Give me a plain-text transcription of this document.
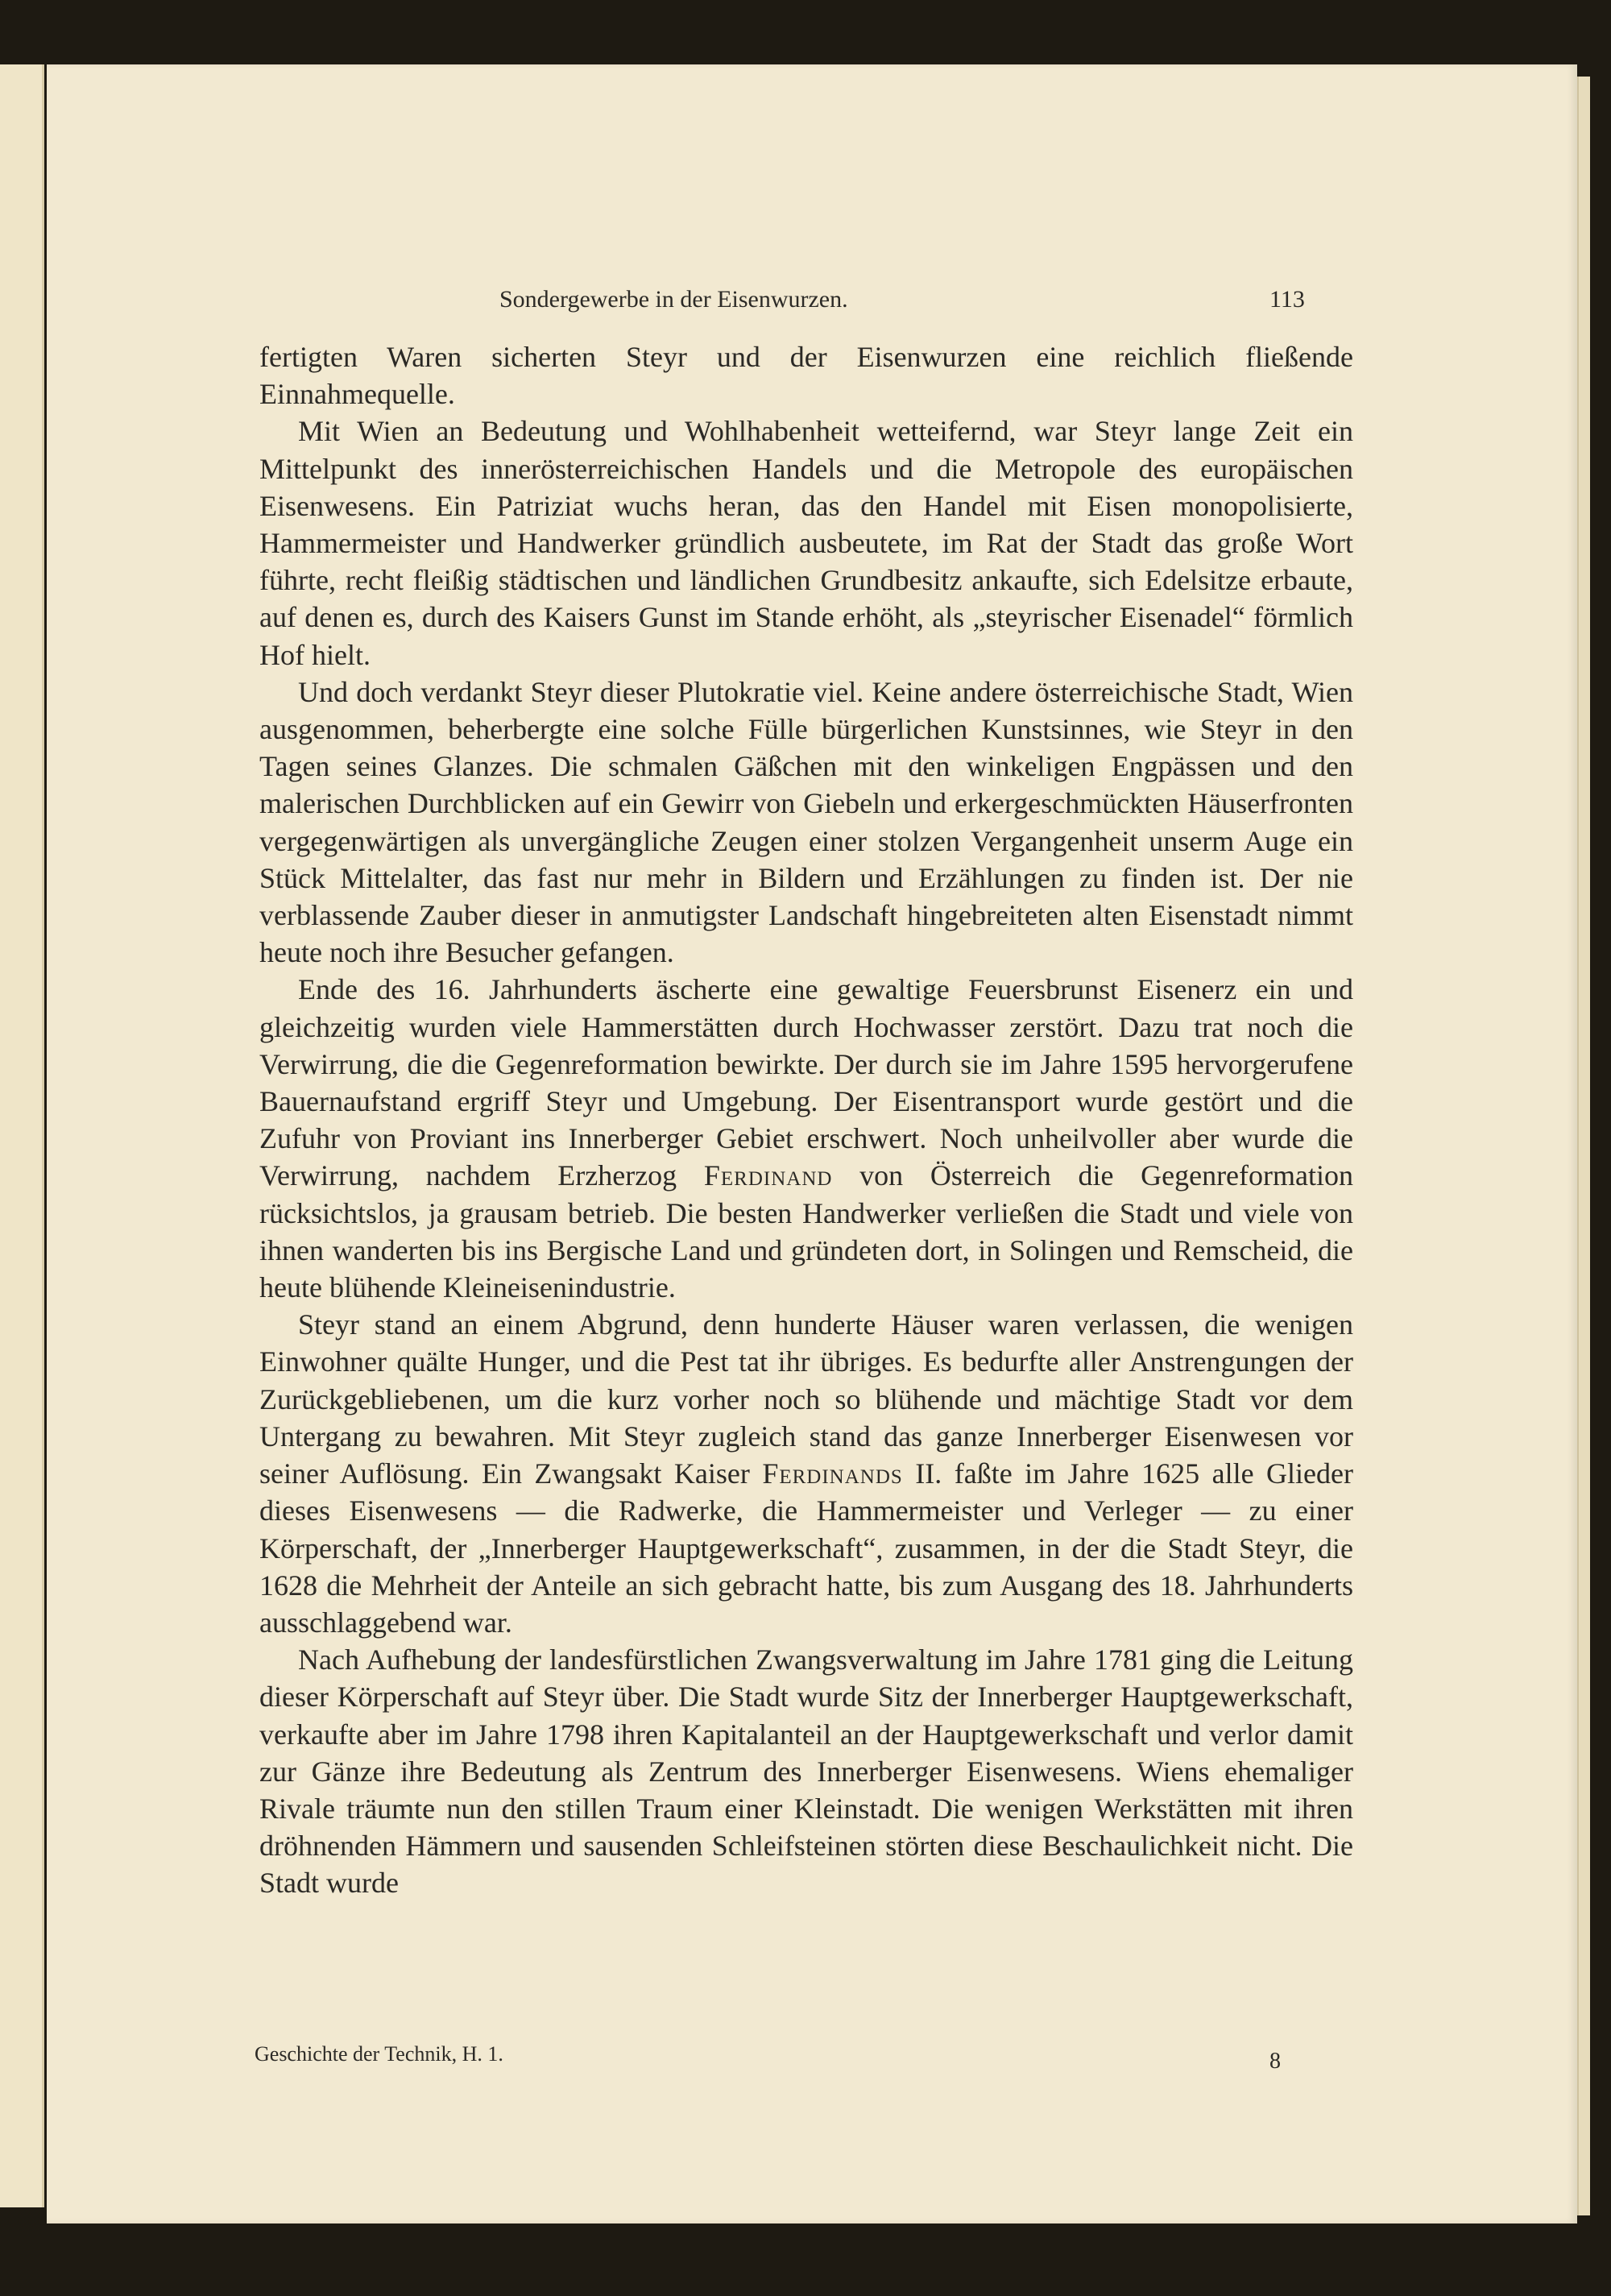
Sondergewerbe in der Eisenwurzen.	113

fertigten Waren sicherten Steyr und der Eisenwurzen eine reichlich fließende Einnahmequelle.

Mit Wien an Bedeutung und Wohlhabenheit wetteifernd, war Steyr lange Zeit ein Mittelpunkt des innerösterreichischen Handels und die Metropole des europäischen Eisenwesens. Ein Patriziat wuchs heran, das den Handel mit Eisen monopolisierte, Hammermeister und Handwerker gründlich ausbeutete, im Rat der Stadt das große Wort führte, recht fleißig städtischen und ländlichen Grundbesitz ankaufte, sich Edelsitze erbaute, auf denen es, durch des Kaisers Gunst im Stande erhöht, als „steyrischer Eisenadel“ förmlich Hof hielt.

Und doch verdankt Steyr dieser Plutokratie viel. Keine andere österreichische Stadt, Wien ausgenommen, beherbergte eine solche Fülle bürgerlichen Kunstsinnes, wie Steyr in den Tagen seines Glanzes. Die schmalen Gäßchen mit den winkeligen Engpässen und den malerischen Durchblicken auf ein Gewirr von Giebeln und erkergeschmückten Häuserfronten vergegenwärtigen als unvergängliche Zeugen einer stolzen Vergangenheit unserm Auge ein Stück Mittelalter, das fast nur mehr in Bildern und Erzählungen zu finden ist. Der nie verblassende Zauber dieser in anmutigster Landschaft hingebreiteten alten Eisenstadt nimmt heute noch ihre Besucher gefangen.

Ende des 16. Jahrhunderts äscherte eine gewaltige Feuersbrunst Eisenerz ein und gleichzeitig wurden viele Hammerstätten durch Hochwasser zerstört. Dazu trat noch die Verwirrung, die die Gegenreformation bewirkte. Der durch sie im Jahre 1595 hervorgerufene Bauernaufstand ergriff Steyr und Umgebung. Der Eisentransport wurde gestört und die Zufuhr von Proviant ins Innerberger Gebiet erschwert. Noch unheilvoller aber wurde die Verwirrung, nachdem Erzherzog Ferdinand von Österreich die Gegenreformation rücksichtslos, ja grausam betrieb. Die besten Handwerker verließen die Stadt und viele von ihnen wanderten bis ins Bergische Land und gründeten dort, in Solingen und Remscheid, die heute blühende Kleineisenindustrie.

Steyr stand an einem Abgrund, denn hunderte Häuser waren verlassen, die wenigen Einwohner quälte Hunger, und die Pest tat ihr übriges. Es bedurfte aller Anstrengungen der Zurückgebliebenen, um die kurz vorher noch so blühende und mächtige Stadt vor dem Untergang zu bewahren. Mit Steyr zugleich stand das ganze Innerberger Eisenwesen vor seiner Auflösung. Ein Zwangsakt Kaiser Ferdinands II. faßte im Jahre 1625 alle Glieder dieses Eisenwesens — die Radwerke, die Hammermeister und Verleger — zu einer Körperschaft, der „Innerberger Hauptgewerkschaft“, zusammen, in der die Stadt Steyr, die 1628 die Mehrheit der Anteile an sich gebracht hatte, bis zum Ausgang des 18. Jahrhunderts ausschlaggebend war.

Nach Aufhebung der landesfürstlichen Zwangsverwaltung im Jahre 1781 ging die Leitung dieser Körperschaft auf Steyr über. Die Stadt wurde Sitz der Innerberger Hauptgewerkschaft, verkaufte aber im Jahre 1798 ihren Kapitalanteil an der Hauptgewerkschaft und verlor damit zur Gänze ihre Bedeutung als Zentrum des Innerberger Eisenwesens. Wiens ehemaliger Rivale träumte nun den stillen Traum einer Kleinstadt. Die wenigen Werkstätten mit ihren dröhnenden Hämmern und sausenden Schleifsteinen störten diese Beschaulichkeit nicht. Die Stadt wurde

Geschichte der Technik, H. 1.	8
